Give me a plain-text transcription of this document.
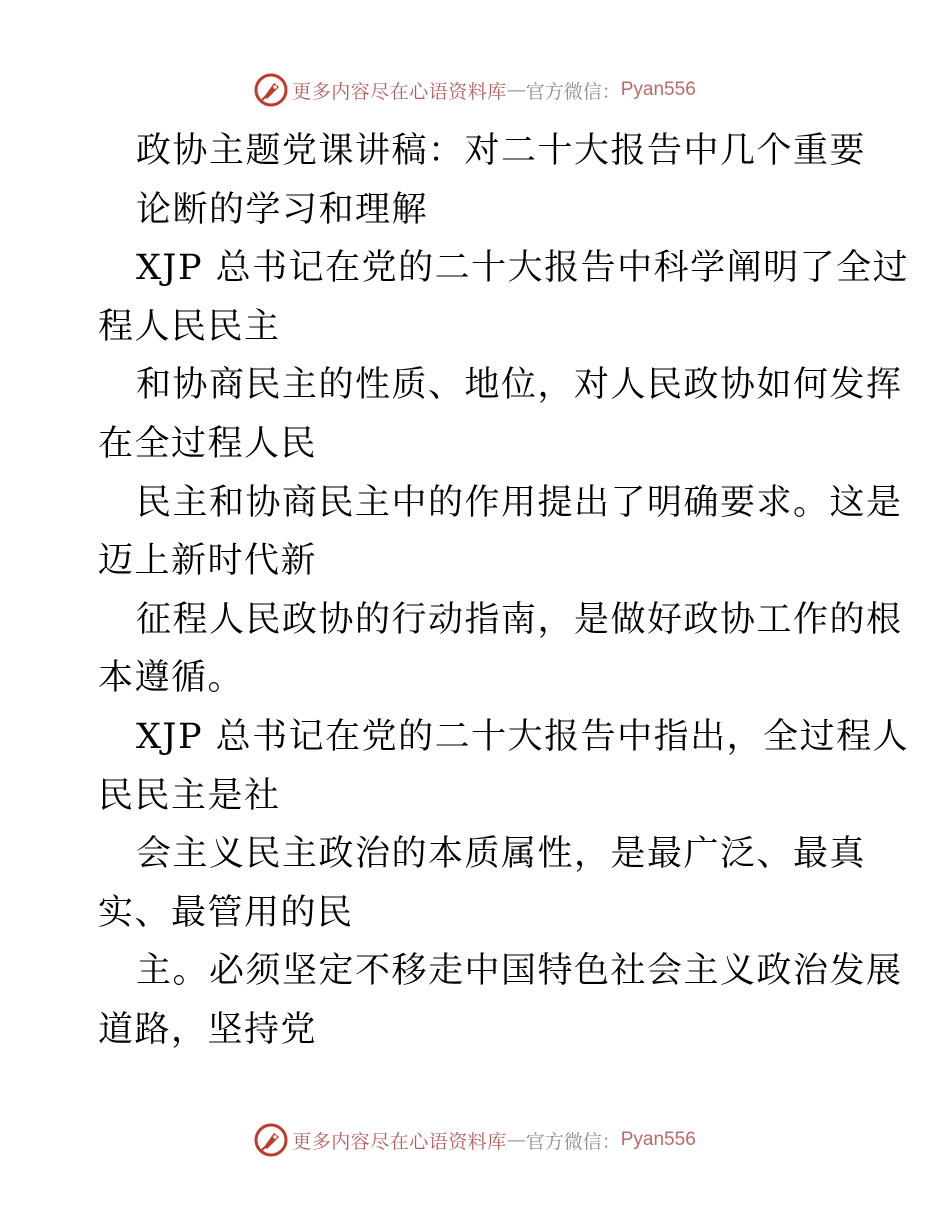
更多内容尽在心语资料库 — 官方微信： Pyan556
政协主题党课讲稿：对二十大报告中几个重要
论断的学习和理解
XJP 总书记在党的二十大报告中科学阐明了全过
程人民民主
和协商民主的性质、地位，对人民政协如何发挥
在全过程人民
民主和协商民主中的作用提出了明确要求。这是
迈上新时代新
征程人民政协的行动指南，是做好政协工作的根
本遵循。
XJP 总书记在党的二十大报告中指出，全过程人
民民主是社
会主义民主政治的本质属性，是最广泛、最真
实、最管用的民
主。必须坚定不移走中国特色社会主义政治发展
道路，坚持党
更多内容尽在心语资料库 — 官方微信： Pyan556
